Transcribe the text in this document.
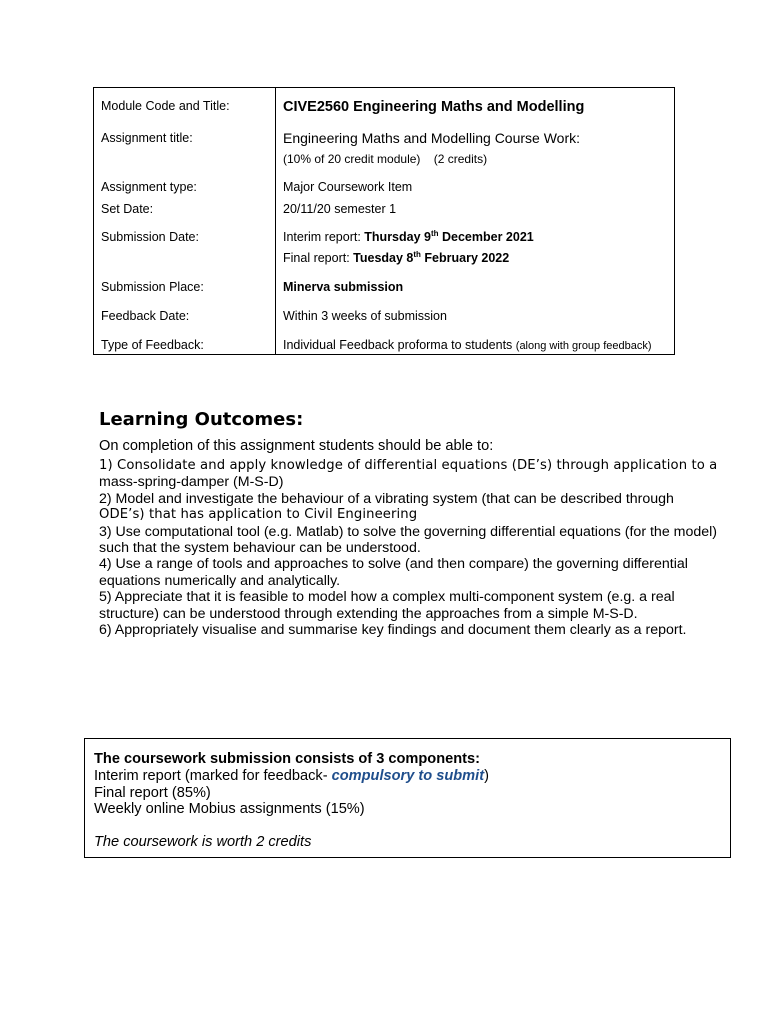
Module Code and Title:	CIVE2560 Engineering Maths and Modelling
Assignment title:	Engineering Maths and Modelling Course Work:
(10% of 20 credit module)    (2 credits)
Assignment type:	Major Coursework Item
Set Date:	20/11/20 semester 1
Submission Date:	Interim report: Thursday 9th December 2021
Final report: Tuesday 8th February 2022
Submission Place:	Minerva submission
Feedback Date:	Within 3 weeks of submission
Type of Feedback:	Individual Feedback proforma to students (along with group feedback)
Learning Outcomes:

On completion of this assignment students should be able to:

1) Consolidate and apply knowledge of differential equations (DE’s) through application to a

mass-spring-damper (M-S-D)

2) Model and investigate the behaviour of a vibrating system (that can be described through

ODE’s) that has application to Civil Engineering

3) Use computational tool (e.g. Matlab) to solve the governing differential equations (for the model) such that the system behaviour can be understood.

4) Use a range of tools and approaches to solve (and then compare) the governing differential equations numerically and analytically.

5) Appreciate that it is feasible to model how a complex multi-component system (e.g. a real structure) can be understood through extending the approaches from a simple M-S-D.

6) Appropriately visualise and summarise key findings and document them clearly as a report.

The coursework submission consists of 3 components:

Interim report (marked for feedback- compulsory to submit)

Final report (85%)

Weekly online Mobius assignments (15%)

The coursework is worth 2 credits
